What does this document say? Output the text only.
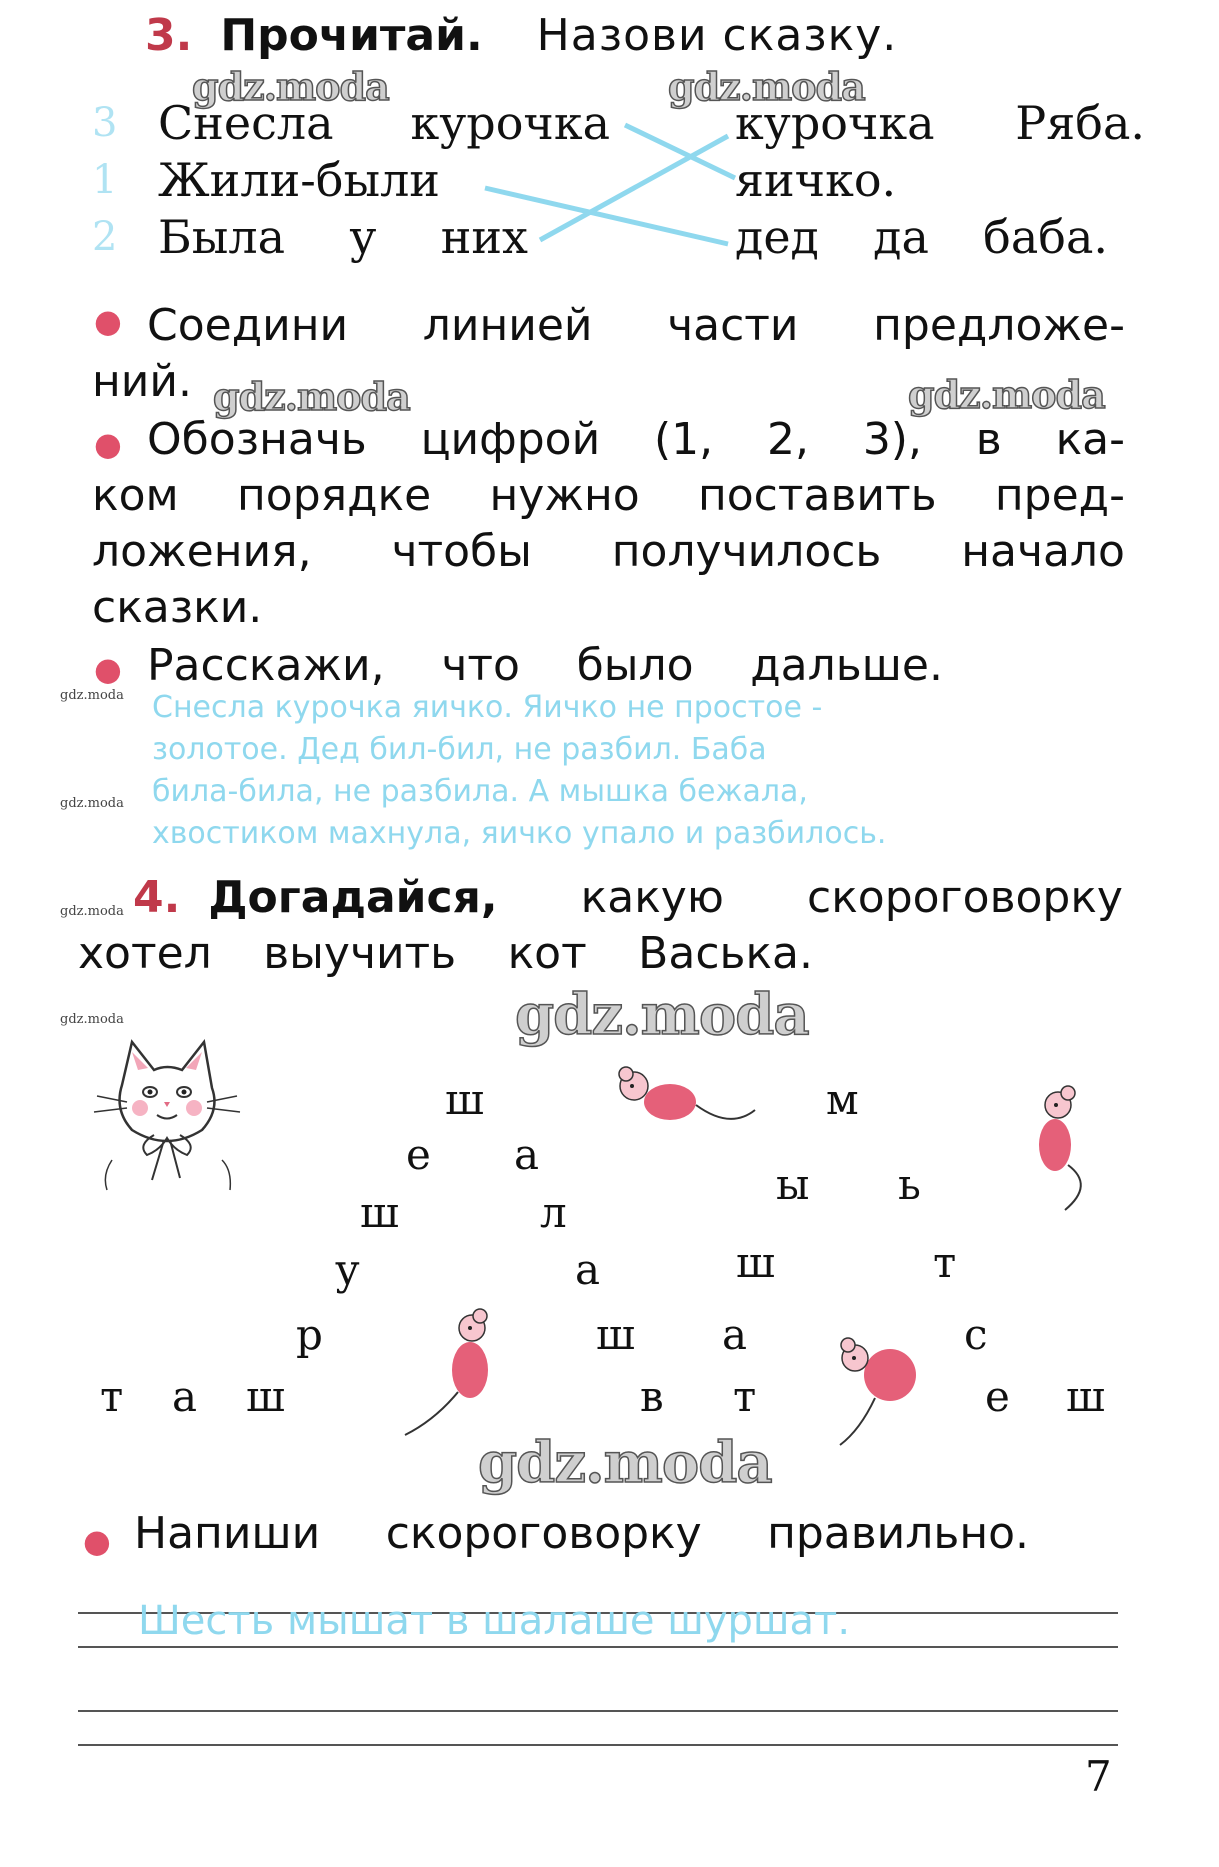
3. Прочитай. Назови сказку.
3 Снесла курочка	курочка Ряба.
1 Жили-были	яичко.
2 Была у них	дед да баба.
● Соедини линией части предложе-
ний.
● Обозначь цифрой (1, 2, 3), в ка-
ком порядке нужно поставить пред-
ложения, чтобы получилось начало
сказки.
● Расскажи, что было дальше.
Снесла курочка яичко. Яичко не простое -
золотое. Дед бил-бил, не разбил. Баба
била-била, не разбила. А мышка бежала,
хвостиком махнула, яичко упало и разбилось.
4. Догадайся, какую скороговорку
хотел выучить кот Васька.
ш	м
е а
ы ь
ш	л
у	а	ш	т
р	ш а	с
т а ш	в т	е ш
● Напиши скороговорку правильно.
Шесть мышат в шалаше шуршат.
7
gdz.moda	gdz.moda
gdz.moda	gdz.moda
gdz.moda
gdz.moda
gdz.moda
gdz.moda
gdz.moda
gdz.moda
